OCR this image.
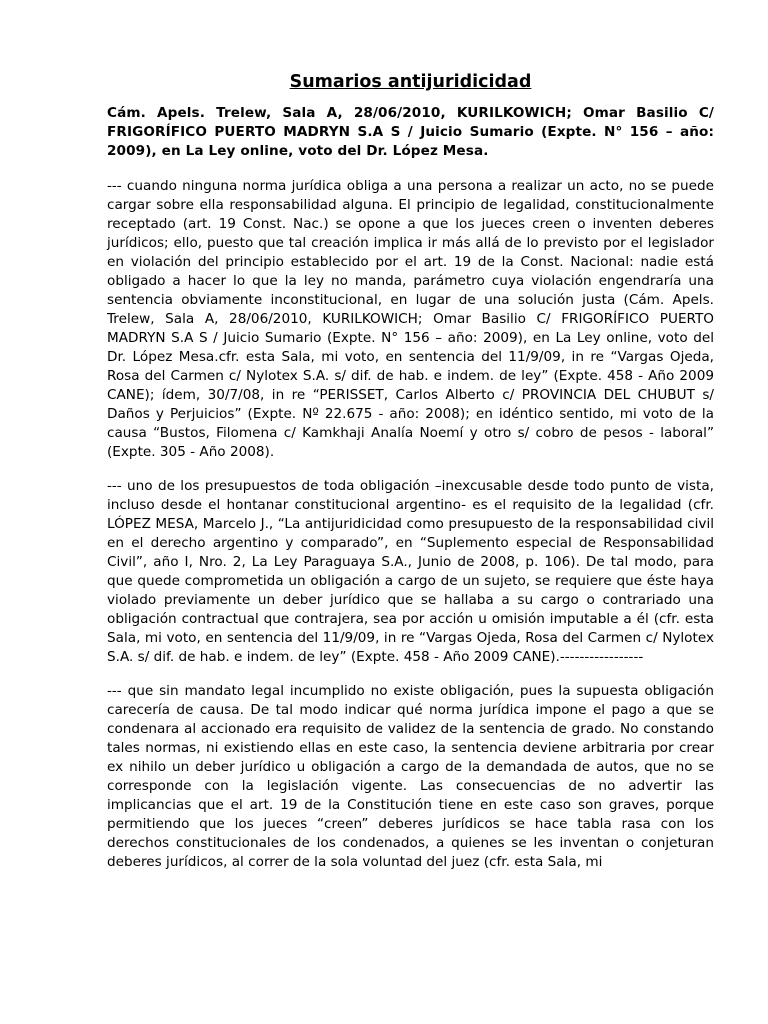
Sumarios antijuridicidad

Cám. Apels. Trelew, Sala A, 28/06/2010, KURILKOWICH; Omar Basilio C/ FRIGORÍFICO PUERTO MADRYN S.A S / Juicio Sumario (Expte. N° 156 – año: 2009), en La Ley online, voto del Dr. López Mesa.

--- cuando ninguna norma jurídica obliga a una persona a realizar un acto, no se puede cargar sobre ella responsabilidad alguna. El principio de legalidad, constitucionalmente receptado (art. 19 Const. Nac.) se opone a que los jueces creen o inventen deberes jurídicos; ello, puesto que tal creación implica ir más allá de lo previsto por el legislador en violación del principio establecido por el art. 19 de la Const. Nacional: nadie está obligado a hacer lo que la ley no manda, parámetro cuya violación engendraría una sentencia obviamente inconstitucional, en lugar de una solución justa (Cám. Apels. Trelew, Sala A, 28/06/2010, KURILKOWICH; Omar Basilio C/ FRIGORÍFICO PUERTO MADRYN S.A S / Juicio Sumario (Expte. N° 156 – año: 2009), en La Ley online, voto del Dr. López Mesa.cfr. esta Sala, mi voto, en sentencia del 11/9/09, in re “Vargas Ojeda, Rosa del Carmen c/ Nylotex S.A. s/ dif. de hab. e indem. de ley” (Expte. 458 - Año 2009 CANE); ídem, 30/7/08, in re “PERISSET, Carlos Alberto c/ PROVINCIA DEL CHUBUT s/ Daños y Perjuicios” (Expte. Nº 22.675 - año: 2008); en idéntico sentido, mi voto de la causa “Bustos, Filomena c/ Kamkhaji Analía Noemí y otro s/ cobro de pesos - laboral” (Expte. 305 - Año 2008).

--- uno de los presupuestos de toda obligación –inexcusable desde todo punto de vista, incluso desde el hontanar constitucional argentino- es el requisito de la legalidad (cfr. LÓPEZ MESA, Marcelo J., “La antijuridicidad como presupuesto de la responsabilidad civil en el derecho argentino y comparado”, en “Suplemento especial de Responsabilidad Civil”, año I, Nro. 2, La Ley Paraguaya S.A., Junio de 2008, p. 106). De tal modo, para que quede comprometida un obligación a cargo de un sujeto, se requiere que éste haya violado previamente un deber jurídico que se hallaba a su cargo o contrariado una obligación contractual que contrajera, sea por acción u omisión imputable a él (cfr. esta Sala, mi voto, en sentencia del 11/9/09, in re “Vargas Ojeda, Rosa del Carmen c/ Nylotex S.A. s/ dif. de hab. e indem. de ley” (Expte. 458 - Año 2009 CANE).-----------------

--- que sin mandato legal incumplido no existe obligación, pues la supuesta obligación carecería de causa. De tal modo indicar qué norma jurídica impone el pago a que se condenara al accionado era requisito de validez de la sentencia de grado. No constando tales normas, ni existiendo ellas en este caso, la sentencia deviene arbitraria por crear ex nihilo un deber jurídico u obligación a cargo de la demandada de autos, que no se corresponde con la legislación vigente. Las consecuencias de no advertir las implicancias que el art. 19 de la Constitución tiene en este caso son graves, porque permitiendo que los jueces “creen” deberes jurídicos se hace tabla rasa con los derechos constitucionales de los condenados, a quienes se les inventan o conjeturan deberes jurídicos, al correr de la sola voluntad del juez (cfr. esta Sala, mi
